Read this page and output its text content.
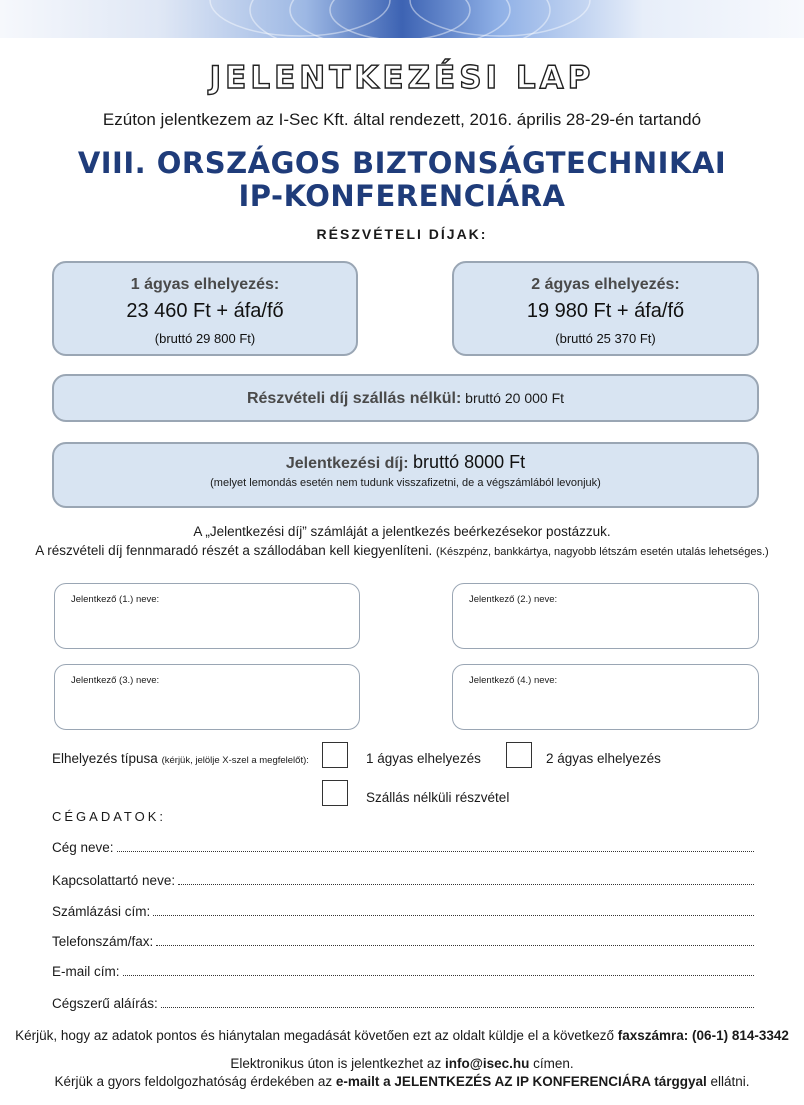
JELENTKEZÉSI LAP
Ezúton jelentkezem az I-Sec Kft. által rendezett, 2016. április 28-29-én tartandó
VIII. ORSZÁGOS BIZTONSÁGTECHNIKAI
IP-KONFERENCIÁRA
RÉSZVÉTELI DÍJAK:
1 ágyas elhelyezés:
23 460 Ft + áfa/fő
(bruttó 29 800 Ft)
2 ágyas elhelyezés:
19 980 Ft + áfa/fő
(bruttó 25 370 Ft)
Részvételi díj szállás nélkül: bruttó 20 000 Ft
Jelentkezési díj: bruttó 8000 Ft
(melyet lemondás esetén nem tudunk visszafizetni, de a végszámlából levonjuk)
A „Jelentkezési díj” számláját a jelentkezés beérkezésekor postázzuk.
A részvételi díj fennmaradó részét a szállodában kell kiegyenlíteni. (Készpénz, bankkártya, nagyobb létszám esetén utalás lehetséges.)
Jelentkező (1.) neve:	Jelentkező (2.) neve:
Jelentkező (3.) neve:	Jelentkező (4.) neve:
Elhelyezés típusa (kérjük, jelölje X-szel a megfelelőt):	1 ágyas elhelyezés	2 ágyas elhelyezés
Szállás nélküli részvétel
CÉGADATOK:
Cég neve:
Kapcsolattartó neve:
Számlázási cím:
Telefonszám/fax:
E-mail cím:
Cégszerű aláírás:
Kérjük, hogy az adatok pontos és hiánytalan megadását követően ezt az oldalt küldje el a következő faxszámra: (06-1) 814-3342
Elektronikus úton is jelentkezhet az info@isec.hu címen.
Kérjük a gyors feldolgozhatóság érdekében az e-mailt a JELENTKEZÉS AZ IP KONFERENCIÁRA tárggyal ellátni.
